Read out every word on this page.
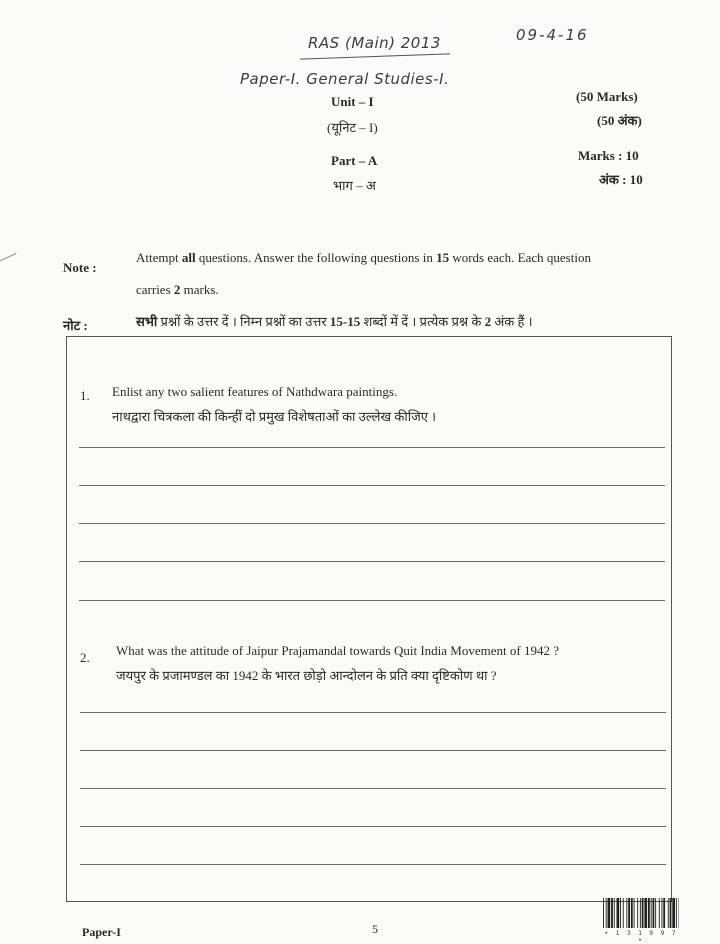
RAS (Main) 2013	09-4-16
Paper-I. General Studies-I.
Unit – I
(यूनिट – I)
Part – A
भाग – अ
(50 Marks)
(50 अंक)
Marks : 10
अंक : 10
Note :
Attempt all questions. Answer the following questions in 15 words each. Each question
carries 2 marks.
नोट :	सभी प्रश्नों के उत्तर दें । निम्न प्रश्नों का उत्तर 15-15 शब्दों में दें । प्रत्येक प्रश्न के 2 अंक हैं ।
1. Enlist any two salient features of Nathdwara paintings.
नाथद्वारा चित्रकला की किन्हीं दो प्रमुख विशेषताओं का उल्लेख कीजिए ।
2. What was the attitude of Jaipur Prajamandal towards Quit India Movement of 1942 ?
जयपुर के प्रजामण्डल का 1942 के भारत छोड़ो आन्दोलन के प्रति क्या दृष्टिकोण था ?
Paper-I	5	• 1 3 1 9 9 7 •
